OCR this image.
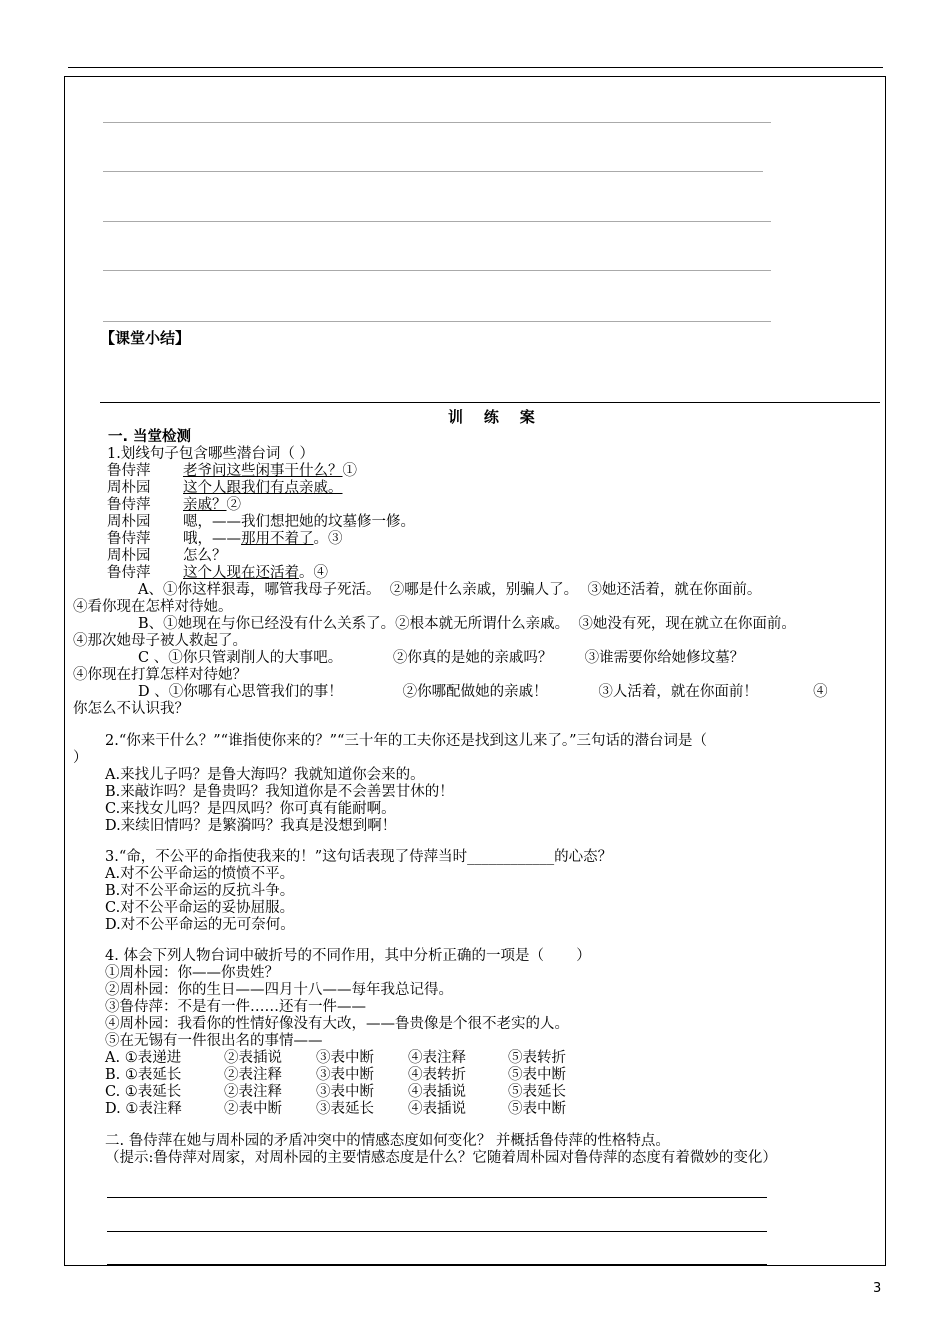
【课堂小结】
训    练    案
一. 当堂检测
1.划线句子包含哪些潜台词（ ）
鲁侍萍 老爷问这些闲事干什么？①
周朴园 这个人跟我们有点亲戚。
鲁侍萍 亲戚？②
周朴园 嗯，——我们想把她的坟墓修一修。
鲁侍萍 哦，——那用不着了。③
周朴园 怎么？
鲁侍萍 这个人现在还活着。④
A、①你这样狠毒，哪管我母子死活。  ②哪是什么亲戚，别骗人了。  ③她还活着，就在你面前。
④看你现在怎样对待她。
B、①她现在与你已经没有什么关系了。②根本就无所谓什么亲戚。  ③她没有死，现在就立在你面前。
④那次她母子被人救起了。
C 、①你只管剥削人的大事吧。           ②你真的是她的亲戚吗？       ③谁需要你给她修坟墓？
④你现在打算怎样对待她？
D 、①你哪有心思管我们的事！             ②你哪配做她的亲戚！           ③人活着，就在你面前！            ④
你怎么不认识我？
2.“你来干什么？”“谁指使你来的？”“三十年的工夫你还是找到这儿来了。”三句话的潜台词是（
）
A.来找儿子吗？是鲁大海吗？我就知道你会来的。
B.来敲诈吗？是鲁贵吗？我知道你是不会善罢甘休的！
C.来找女儿吗？是四凤吗？你可真有能耐啊。
D.来续旧情吗？是繁漪吗？我真是没想到啊！
3.“命，不公平的命指使我来的！”这句话表现了侍萍当时____________的心态？
A.对不公平命运的愤愤不平。
B.对不公平命运的反抗斗争。
C.对不公平命运的妥协屈服。
D.对不公平命运的无可奈何。
4. 体会下列人物台词中破折号的不同作用，其中分析正确的一项是（       ）
①周朴园：你——你贵姓？
②周朴园：你的生日——四月十八——每年我总记得。
③鲁侍萍：不是有一件……还有一件——
④周朴园：我看你的性情好像没有大改，——鲁贵像是个很不老实的人。
⑤在无锡有一件很出名的事情——
A. ①表递进	②表插说 ③表中断 ④表注释	⑤表转折
B. ①表延长	②表注释 ③表中断 ④表转折	⑤表中断
C. ①表延长	②表注释 ③表中断 ④表插说	⑤表延长
D. ①表注释	②表中断 ③表延长 ④表插说	⑤表中断
二. 鲁侍萍在她与周朴园的矛盾冲突中的情感态度如何变化？ 并概括鲁侍萍的性格特点。
（提示:鲁侍萍对周家，对周朴园的主要情感态度是什么？它随着周朴园对鲁侍萍的态度有着微妙的变化）
3
